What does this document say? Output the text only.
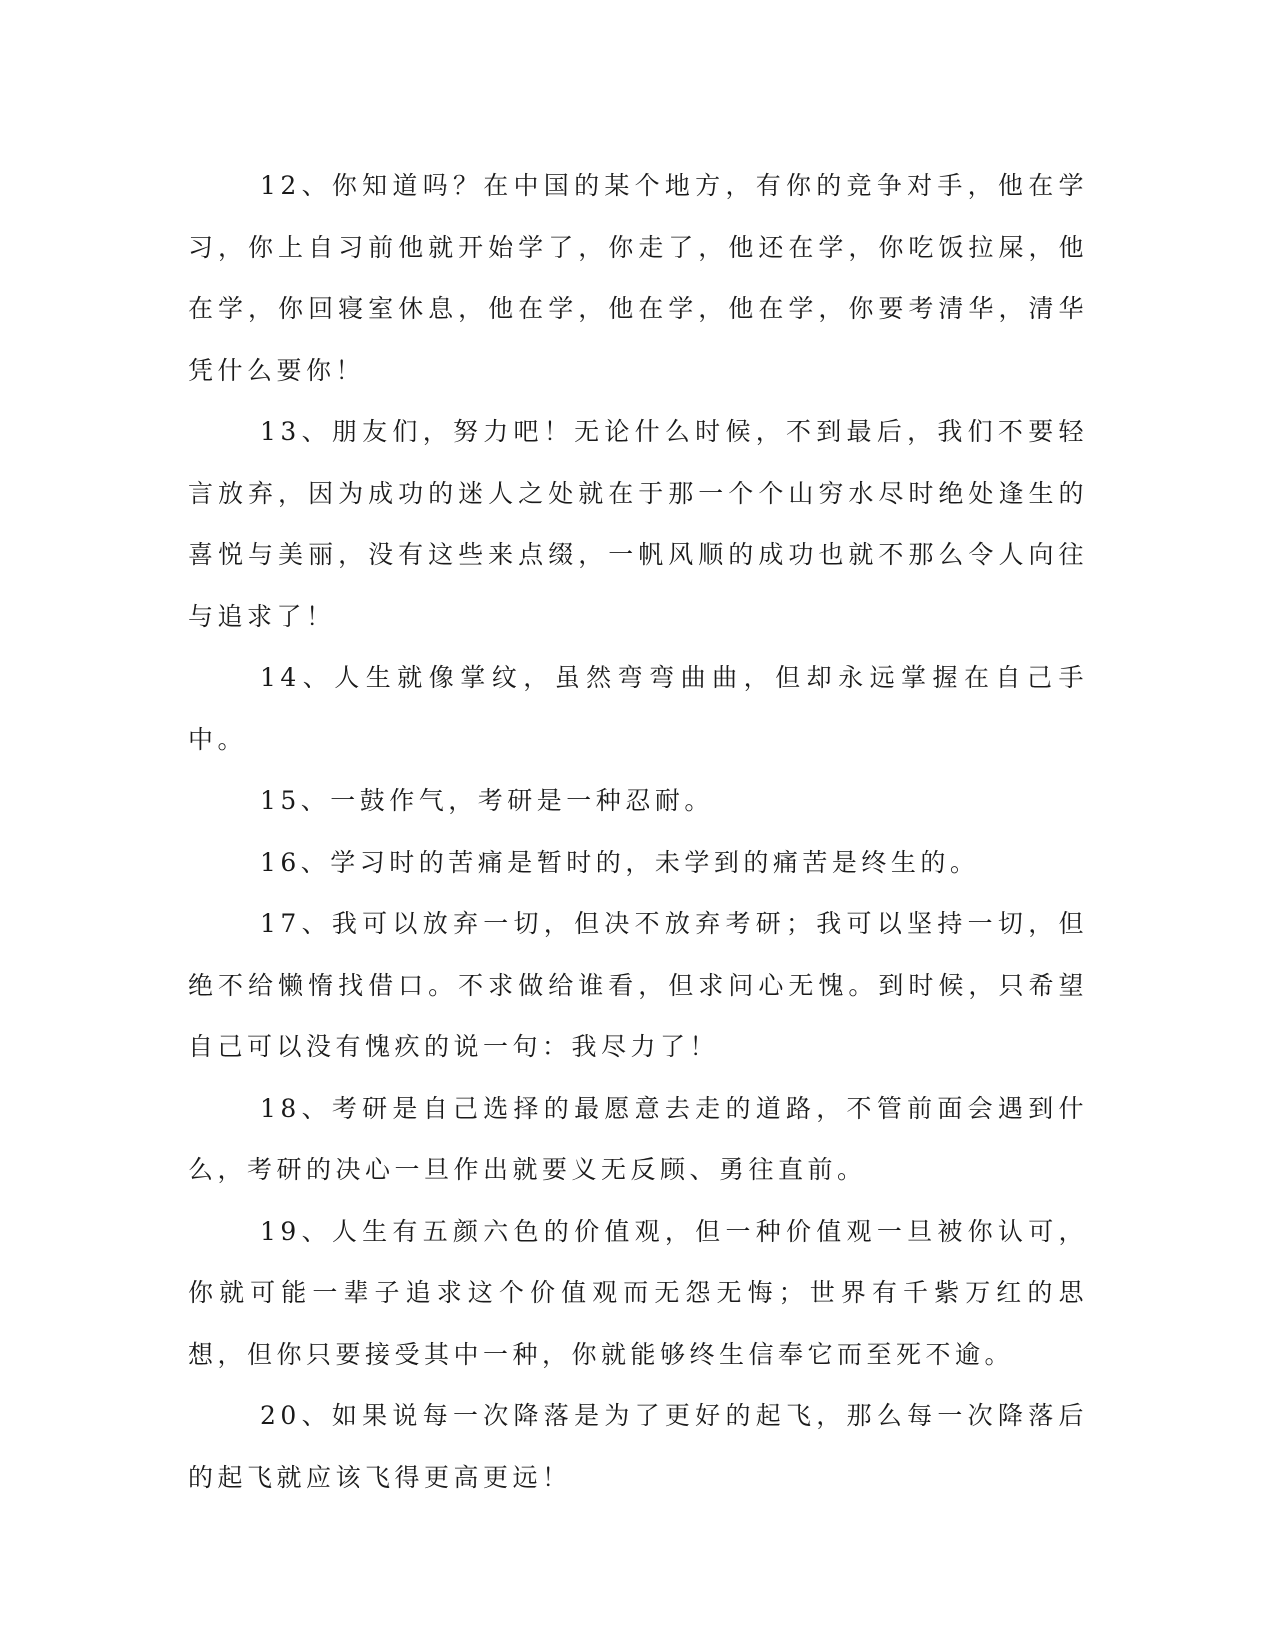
12、你知道吗？在中国的某个地方，有你的竞争对手，他在学习，你上自习前他就开始学了，你走了，他还在学，你吃饭拉屎，他在学，你回寝室休息，他在学，他在学，他在学，你要考清华，清华凭什么要你！

13、朋友们，努力吧！无论什么时候，不到最后，我们不要轻言放弃，因为成功的迷人之处就在于那一个个山穷水尽时绝处逢生的喜悦与美丽，没有这些来点缀，一帆风顺的成功也就不那么令人向往与追求了！

14、人生就像掌纹，虽然弯弯曲曲，但却永远掌握在自己手中。

15、一鼓作气，考研是一种忍耐。

16、学习时的苦痛是暂时的，未学到的痛苦是终生的。

17、我可以放弃一切，但决不放弃考研；我可以坚持一切，但绝不给懒惰找借口。不求做给谁看，但求问心无愧。到时候，只希望自己可以没有愧疚的说一句：我尽力了！

18、考研是自己选择的最愿意去走的道路，不管前面会遇到什么，考研的决心一旦作出就要义无反顾、勇往直前。

19、人生有五颜六色的价值观，但一种价值观一旦被你认可，你就可能一辈子追求这个价值观而无怨无悔；世界有千紫万红的思想，但你只要接受其中一种，你就能够终生信奉它而至死不逾。

20、如果说每一次降落是为了更好的起飞，那么每一次降落后的起飞就应该飞得更高更远！
